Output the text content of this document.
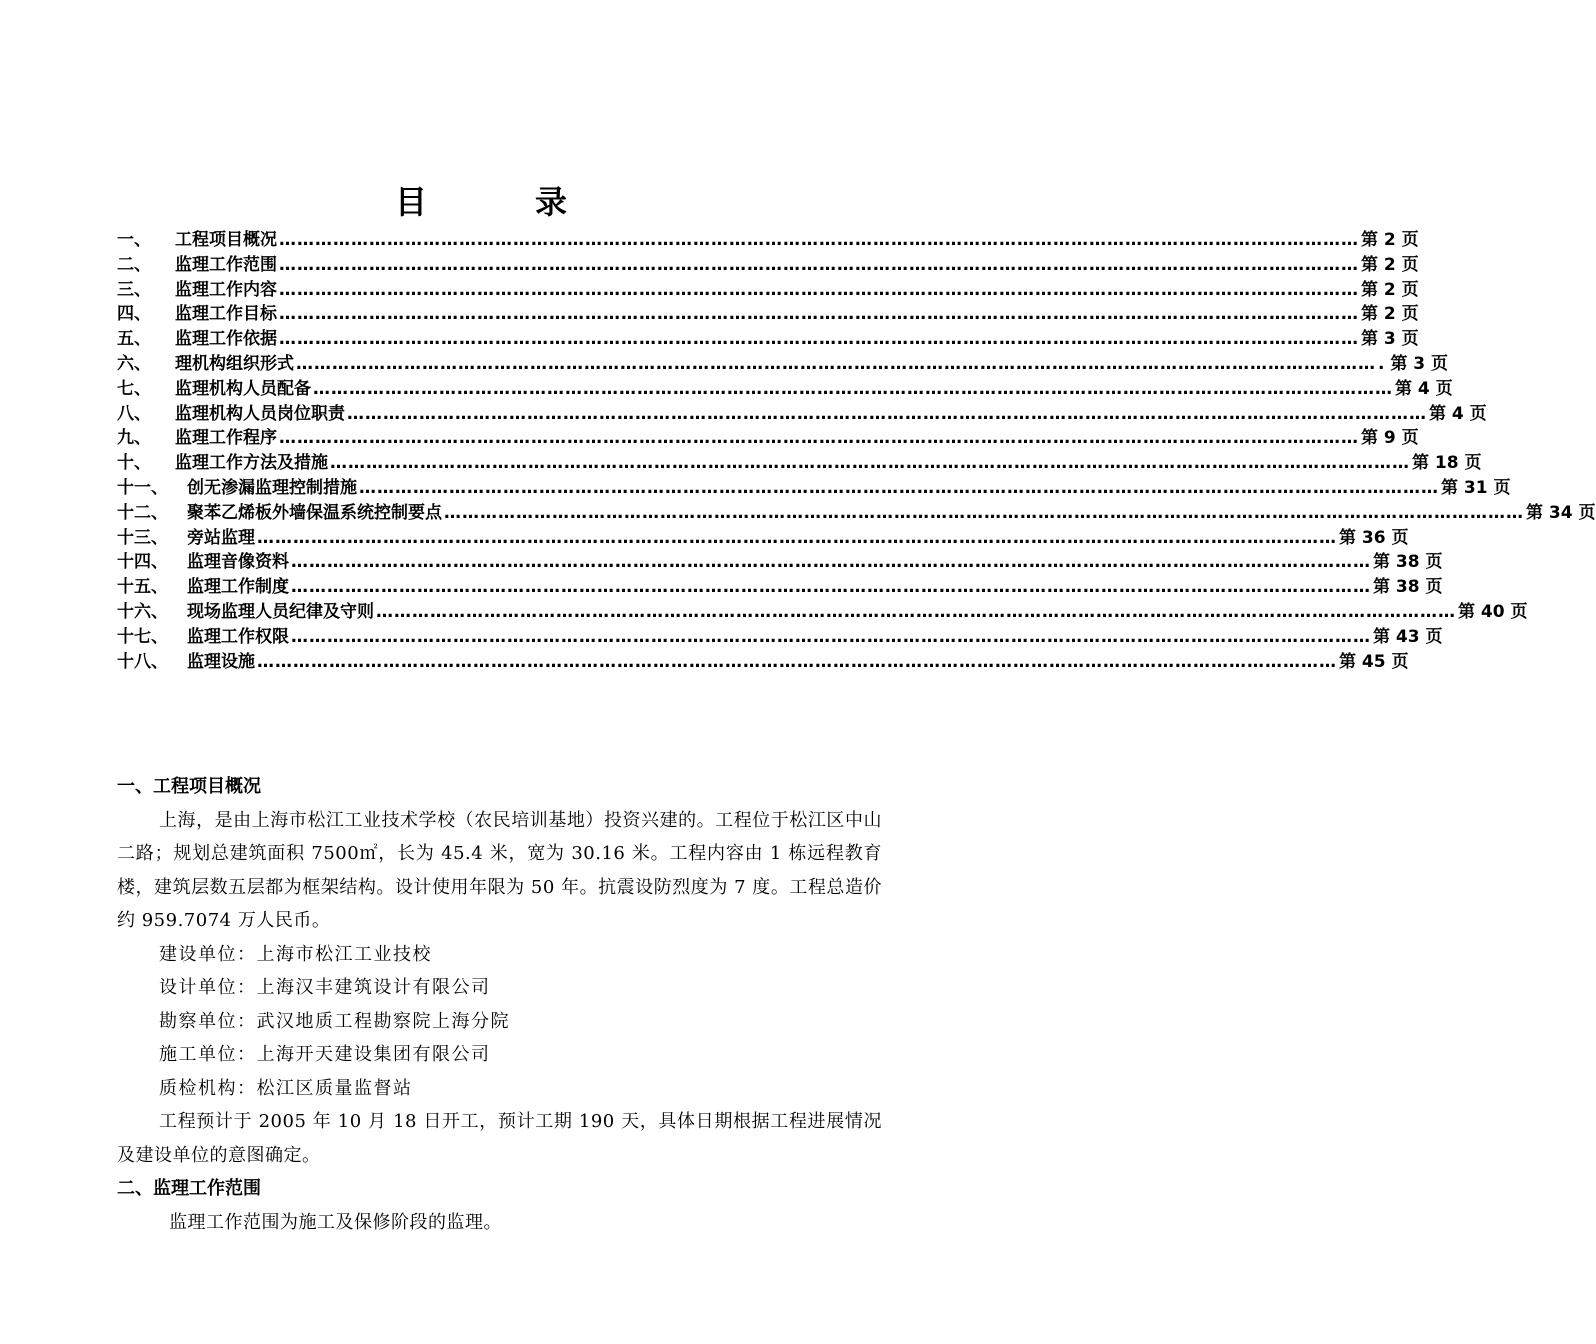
目	录
一、	工程项目概况 ……………………………………………………………………………………………………………………………………………………………… 第 2 页
二、	监理工作范围 ……………………………………………………………………………………………………………………………………………………………… 第 2 页
三、	监理工作内容 ……………………………………………………………………………………………………………………………………………………………… 第 2 页
四、	监理工作目标 ……………………………………………………………………………………………………………………………………………………………… 第 2 页
五、	监理工作依据 ……………………………………………………………………………………………………………………………………………………………… 第 3 页
六、	理机构组织形式 ……………………………………………………………………………………………………………………………………………………………… . 第 3 页
七、	监理机构人员配备 ……………………………………………………………………………………………………………………………………………………………… 第 4 页
八、	监理机构人员岗位职责 ……………………………………………………………………………………………………………………………………………………………… 第 4 页
九、	监理工作程序 ……………………………………………………………………………………………………………………………………………………………… 第 9 页
十、	监理工作方法及措施 ……………………………………………………………………………………………………………………………………………………………… 第 18 页
十一、	创无渗漏监理控制措施 ……………………………………………………………………………………………………………………………………………………………… 第 31 页
十二、	聚苯乙烯板外墙保温系统控制要点 ……………………………………………………………………………………………………………………………………………………………… 第 34 页
十三、	旁站监理 ……………………………………………………………………………………………………………………………………………………………… 第 36 页
十四、	监理音像资料 ……………………………………………………………………………………………………………………………………………………………… 第 38 页
十五、	监理工作制度 ……………………………………………………………………………………………………………………………………………………………… 第 38 页
十六、	现场监理人员纪律及守则 ……………………………………………………………………………………………………………………………………………………………… 第 40 页
十七、	监理工作权限 ……………………………………………………………………………………………………………………………………………………………… 第 43 页
十八、	监理设施 ……………………………………………………………………………………………………………………………………………………………… 第 45 页
一、工程项目概况
上海，是由上海市松江工业技术学校（农民培训基地）投资兴建的。工程位于松江区中山二路；规划总建筑面积 7500㎡，长为 45.4 米，宽为 30.16 米。工程内容由 1 栋远程教育楼，建筑层数五层都为框架结构。设计使用年限为 50 年。抗震设防烈度为 7 度。工程总造价约 959.7074 万人民币。
建设单位：上海市松江工业技校
设计单位：上海汉丰建筑设计有限公司
勘察单位：武汉地质工程勘察院上海分院
施工单位：上海开天建设集团有限公司
质检机构：松江区质量监督站
工程预计于 2005 年 10 月 18 日开工，预计工期 190 天，具体日期根据工程进展情况及建设单位的意图确定。
二、监理工作范围
监理工作范围为施工及保修阶段的监理。
